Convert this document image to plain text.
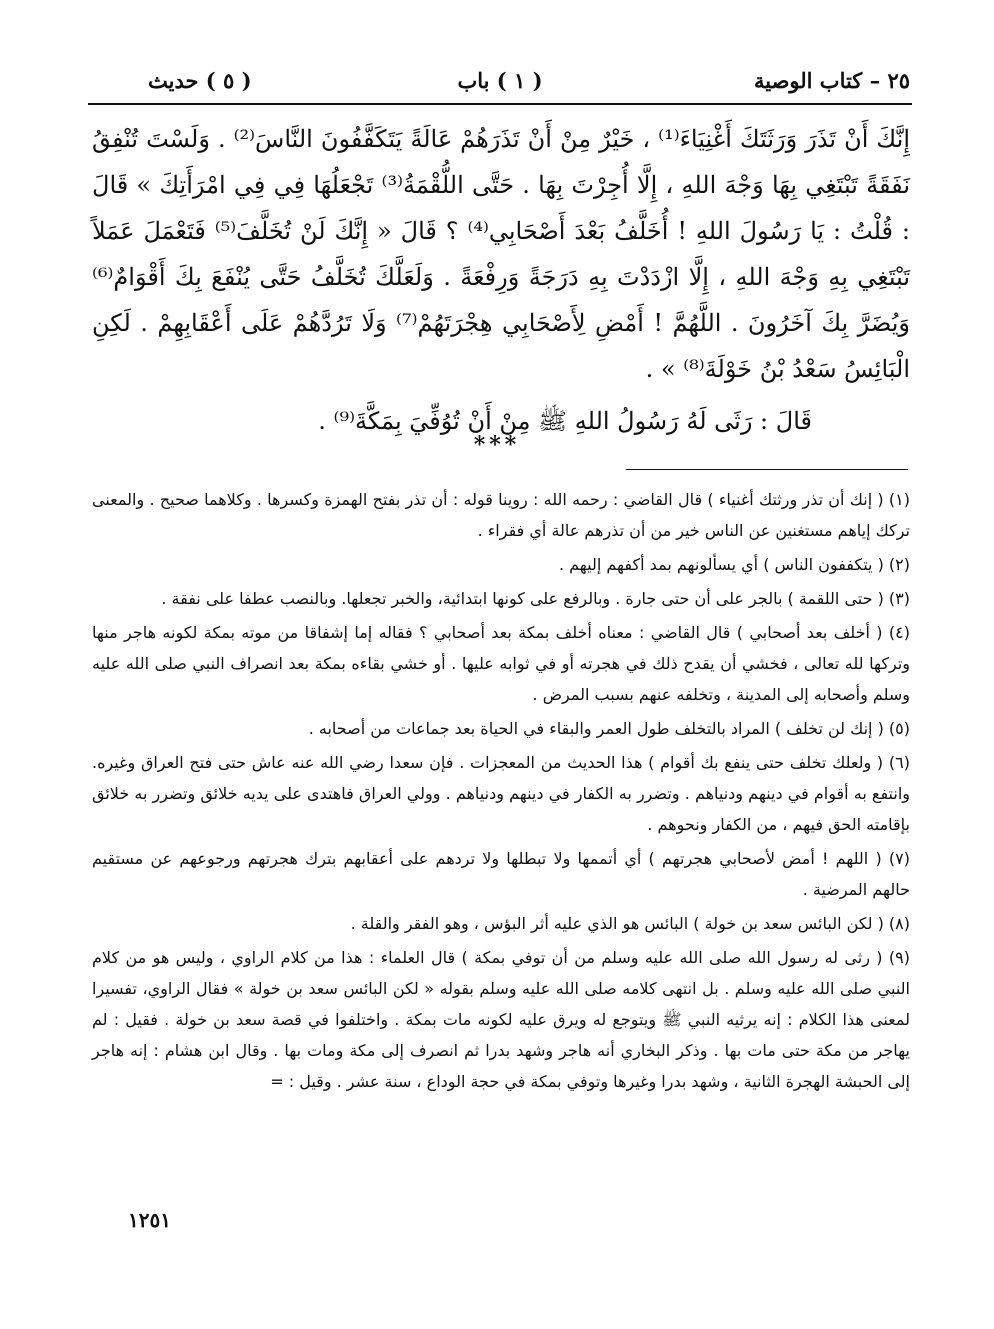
٢٥ – كتاب الوصية
( ١ ) باب
( ٥ ) حديث

إِنَّكَ أَنْ تَذَرَ وَرَثَتَكَ أَغْنِيَاءَ⁽¹⁾ ، خَيْرٌ مِنْ أَنْ تَذَرَهُمْ عَالَةً يَتَكَفَّفُونَ النَّاسَ⁽²⁾ . وَلَسْتَ تُنْفِقُ نَفَقَةً تَبْتَغِي بِهَا وَجْهَ اللهِ ، إِلَّا أُجِرْتَ بِهَا . حَتَّى اللُّقْمَةُ⁽³⁾ تَجْعَلُهَا فِي فِي امْرَأَتِكَ » قَالَ : قُلْتُ : يَا رَسُولَ اللهِ ! أُخَلَّفُ بَعْدَ أَصْحَابِي⁽⁴⁾ ؟ قَالَ « إِنَّكَ لَنْ تُخَلَّفَ⁽⁵⁾ فَتَعْمَلَ عَمَلاً تَبْتَغِي بِهِ وَجْهَ اللهِ ، إِلَّا ازْدَدْتَ بِهِ دَرَجَةً وَرِفْعَةً . وَلَعَلَّكَ تُخَلَّفُ حَتَّى يُنْفَعَ بِكَ أَقْوَامٌ⁽⁶⁾ وَيُضَرَّ بِكَ آخَرُونَ . اللَّهُمَّ ! أَمْضِ لِأَصْحَابِي هِجْرَتَهُمْ⁽⁷⁾ وَلَا تَرُدَّهُمْ عَلَى أَعْقَابِهِمْ . لَكِنِ الْبَائِسُ سَعْدُ بْنُ خَوْلَةَ⁽⁸⁾ » .

قَالَ : رَثَى لَهُ رَسُولُ اللهِ ﷺ مِنْ أَنْ تُوُفِّيَ بِمَكَّةَ⁽⁹⁾ .

***

(١) ( إنك أن تذر ورثتك أغنياء ) قال القاضي : رحمه الله : روينا قوله : أن تذر بفتح الهمزة وكسرها . وكلاهما صحيح . والمعنى تركك إياهم مستغنين عن الناس خير من أن تذرهم عالة أي فقراء .

(٢) ( يتكففون الناس ) أي يسألونهم بمد أكفهم إليهم .

(٣) ( حتى اللقمة ) بالجر على أن حتى جارة . وبالرفع على كونها ابتدائية، والخبر تجعلها. وبالنصب عطفا على نفقة .

(٤) ( أخلف بعد أصحابي ) قال القاضي : معناه أخلف بمكة بعد أصحابي ؟ فقاله إما إشفاقا من موته بمكة لكونه هاجر منها وتركها لله تعالى ، فخشي أن يقدح ذلك في هجرته أو في ثوابه عليها . أو خشي بقاءه بمكة بعد انصراف النبي صلى الله عليه وسلم وأصحابه إلى المدينة ، وتخلفه عنهم بسبب المرض .

(٥) ( إنك لن تخلف ) المراد بالتخلف طول العمر والبقاء في الحياة بعد جماعات من أصحابه .

(٦) ( ولعلك تخلف حتى ينفع بك أقوام ) هذا الحديث من المعجزات . فإن سعدا رضي الله عنه عاش حتى فتح العراق وغيره. وانتفع به أقوام في دينهم ودنياهم . وتضرر به الكفار في دينهم ودنياهم . وولي العراق فاهتدى على يديه خلائق وتضرر به خلائق بإقامته الحق فيهم ، من الكفار ونحوهم .

(٧) ( اللهم ! أمض لأصحابي هجرتهم ) أي أتممها ولا تبطلها ولا تردهم على أعقابهم بترك هجرتهم ورجوعهم عن مستقيم حالهم المرضية .

(٨) ( لكن البائس سعد بن خولة ) البائس هو الذي عليه أثر البؤس ، وهو الفقر والقلة .

(٩) ( رثى له رسول الله صلى الله عليه وسلم من أن توفي بمكة ) قال العلماء : هذا من كلام الراوي ، وليس هو من كلام النبي صلى الله عليه وسلم . بل انتهى كلامه صلى الله عليه وسلم بقوله « لكن البائس سعد بن خولة » فقال الراوي، تفسيرا لمعنى هذا الكلام : إنه يرثيه النبي ﷺ ويتوجع له ويرق عليه لكونه مات بمكة . واختلفوا في قصة سعد بن خولة . فقيل : لم يهاجر من مكة حتى مات بها . وذكر البخاري أنه هاجر وشهد بدرا ثم انصرف إلى مكة ومات بها . وقال ابن هشام : إنه هاجر إلى الحبشة الهجرة الثانية ، وشهد بدرا وغيرها وتوفي بمكة في حجة الوداع ، سنة عشر . وقيل : =

١٢٥١
